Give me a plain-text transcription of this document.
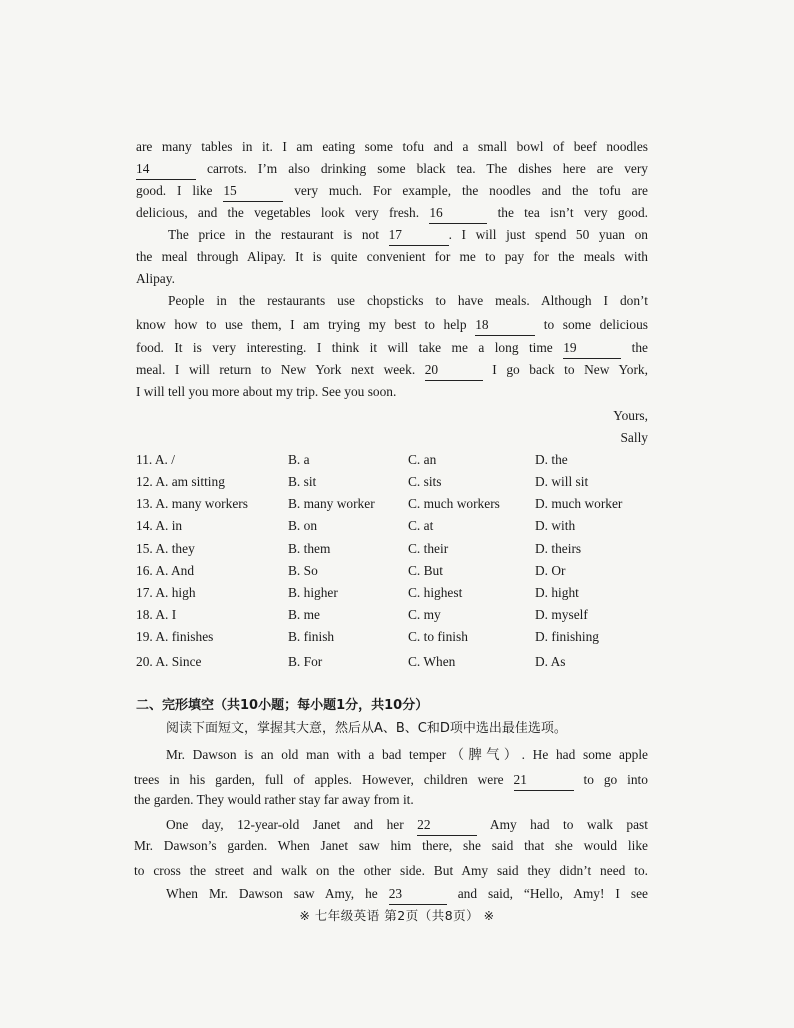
are many tables in it. I am eating some tofu and a small bowl of beef noodles
14	carrots. I’m also drinking some black tea. The dishes here are very
good. I like 15	very much. For example, the noodles and the tofu are
delicious, and the vegetables look very fresh. 16	the tea isn’t very good.
The price in the restaurant is not 17	. I will just spend 50 yuan on
the meal through Alipay. It is quite convenient for me to pay for the meals with
Alipay.
People in the restaurants use chopsticks to have meals. Although I don’t
know how to use them, I am trying my best to help 18	to some delicious
food. It is very interesting. I think it will take me a long time 19	the
meal. I will return to New York next week. 20	I go back to New York,
I will tell you more about my trip. See you soon.
Yours,
Sally
11. A. /	B. a	C. an	D. the
12. A. am sitting	B. sit	C. sits	D. will sit
13. A. many workers	B. many worker C. much workers	D. much worker
14. A. in	B. on	C. at	D. with
15. A. they	B. them	C. their	D. theirs
16. A. And	B. So	C. But	D. Or
17. A. high	B. higher	C. highest	D. hight
18. A. I	B. me	C. my	D. myself
19. A. finishes	B. finish	C. to finish	D. finishing
20. A. Since	B. For	C. When	D. As
二、完形填空（共10小题；每小题1分，共10分）
阅读下面短文，掌握其大意，然后从A、B、C和D项中选出最佳选项。
Mr. Dawson is an old man with a bad temper（脾气）. He had some apple
trees in his garden, full of apples. However, children were 21	to go into
the garden. They would rather stay far away from it.
One day, 12-year-old Janet and her 22	Amy had to walk past
Mr. Dawson’s garden. When Janet saw him there, she said that she would like
to cross the street and walk on the other side. But Amy said they didn’t need to.
When Mr. Dawson saw Amy, he 23	and said, “Hello, Amy! I see
※ 七年级英语 第2页（共8页） ※
